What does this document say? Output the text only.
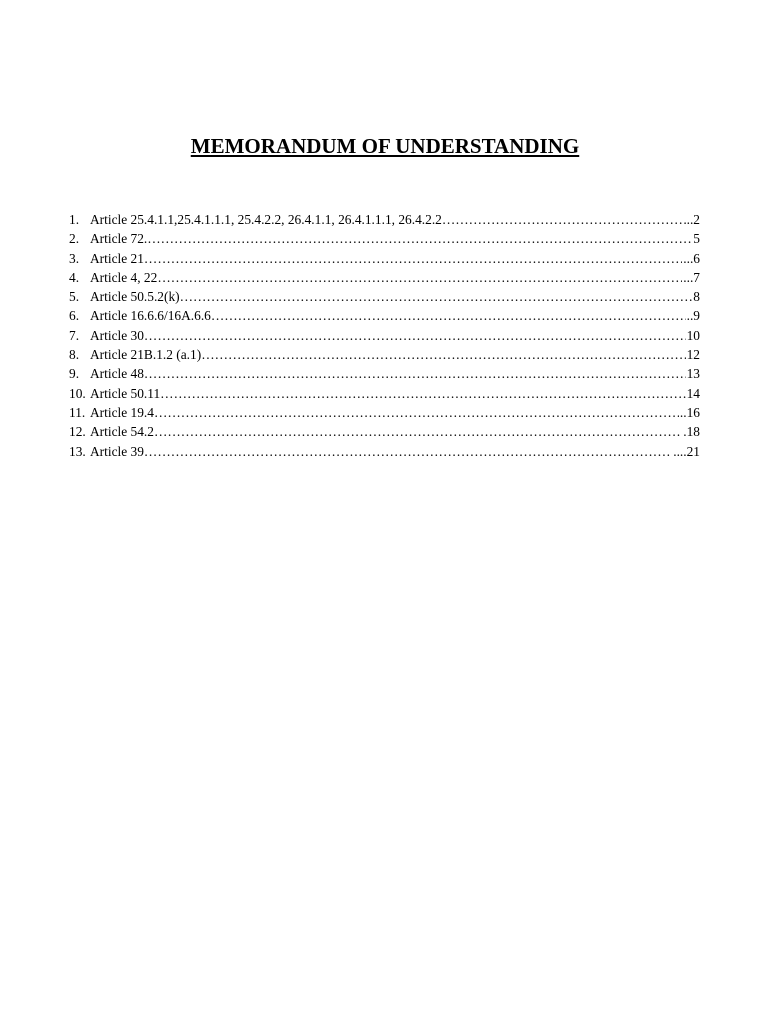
MEMORANDUM OF UNDERSTANDING
1. Article 25.4.1.1,25.4.1.1.1, 25.4.2.2, 26.4.1.1, 26.4.1.1.1, 26.4.2.2 ……………………………………………………………………………………………………………………………………………………………………………………	..2
2. Article 72. ……………………………………………………………………………………………………………………………………………………………………………………	5
3. Article 21 ……………………………………………………………………………………………………………………………………………………………………………………	...6
4. Article 4, 22 ……………………………………………………………………………………………………………………………………………………………………………………	...7
5. Article 50.5.2(k) ……………………………………………………………………………………………………………………………………………………………………………………	8
6. Article 16.6.6/16A.6.6 ……………………………………………………………………………………………………………………………………………………………………………………	..9
7. Article 30 ……………………………………………………………………………………………………………………………………………………………………………………	10
8. Article 21B.1.2 (a.1) ……………………………………………………………………………………………………………………………………………………………………………………	12
9. Article 48 ……………………………………………………………………………………………………………………………………………………………………………………	13
10. Article 50.11 ……………………………………………………………………………………………………………………………………………………………………………………	14
11. Article 19.4 ……………………………………………………………………………………………………………………………………………………………………………………	..16
12. Article 54.2 ……………………………………………………………………………………………………………………………………………………………………………………	.18
13. Article 39 ……………………………………………………………………………………………………………………………………………………………………………………	....21
